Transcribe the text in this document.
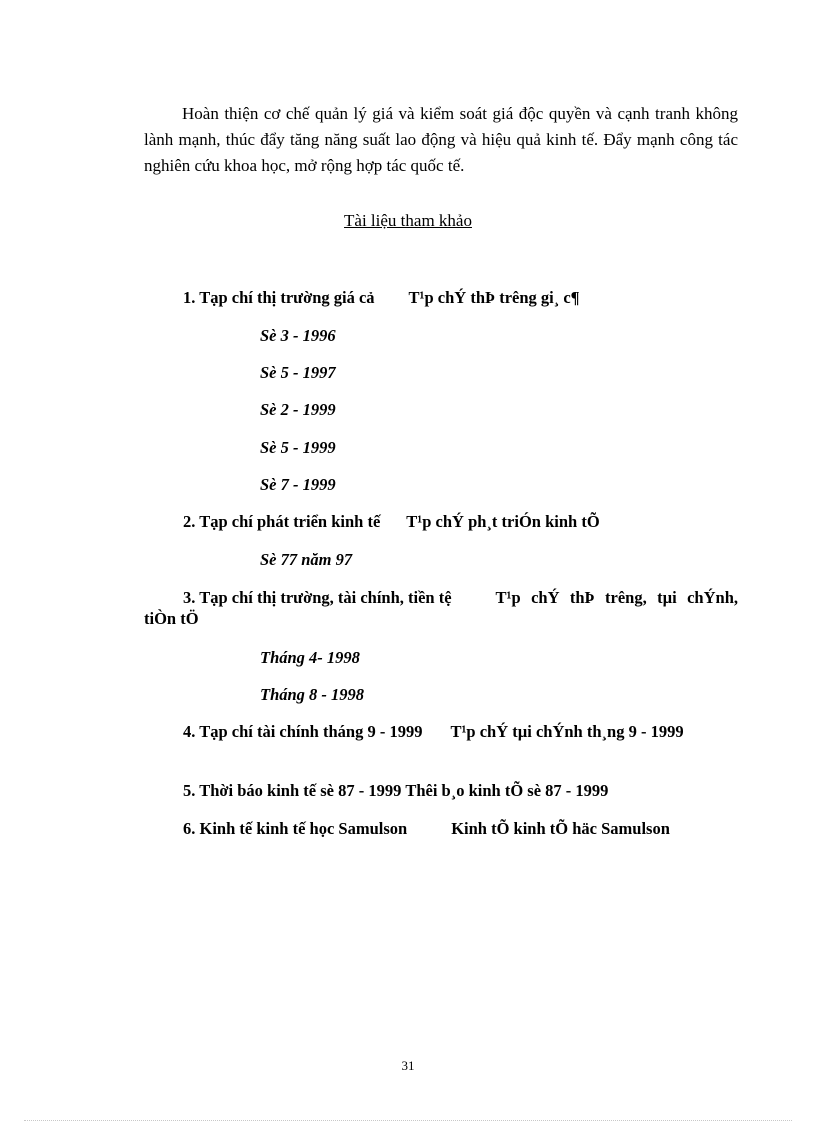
Hoàn thiện cơ chế quản lý giá và kiểm soát giá độc quyền và cạnh tranh không lành mạnh, thúc đẩy tăng năng suất lao động và hiệu quả kinh tế. Đẩy mạnh công tác nghiên cứu khoa học, mở rộng hợp tác quốc tế.

Tài liệu tham khảo

1. Tạp chí thị trường giá cả T¹p chÝ thÞ trêng gi¸ c¶

Sè 3 - 1996

Sè 5 - 1997

Sè 2 - 1999

Sè 5 - 1999

Sè 7 - 1999

2. Tạp chí phát triển kinh tế T¹p chÝ ph¸t triÓn kinh tÕ

Sè 77 năm 97

3. Tạp chí thị trường, tài chính, tiền tệ	T¹p chÝ thÞ trêng, tµi chÝnh, tiÒn tÖ

Tháng 4- 1998

Tháng 8 - 1998

4. Tạp chí tài chính tháng 9 - 1999 T¹p chÝ tµi chÝnh th¸ng 9 - 1999

5. Thời báo kinh tế sè 87 - 1999 Thêi b¸o kinh tÕ sè 87 - 1999

6. Kinh tế kinh tế học Samulson	Kinh tÕ kinh tÕ häc Samulson

31
